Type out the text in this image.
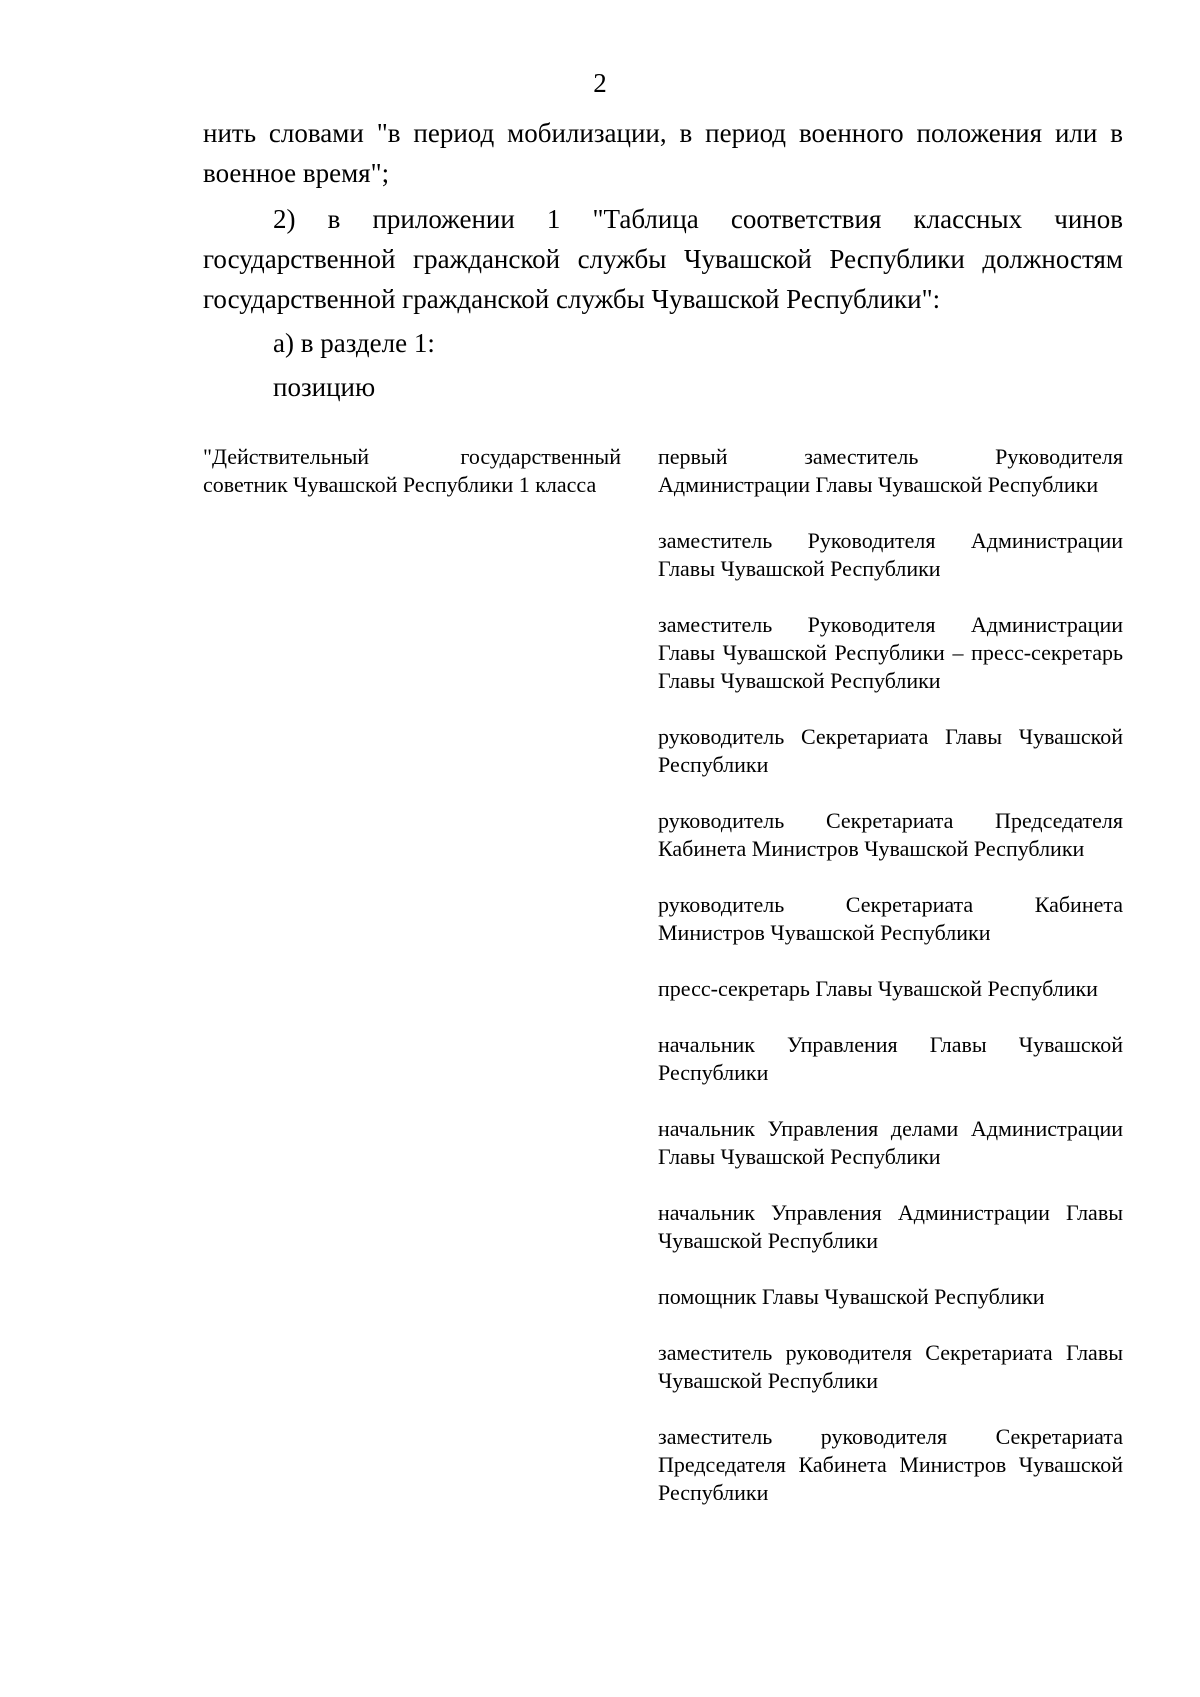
2

нить словами "в период мобилизации, в период военного положения или в военное время";

2) в приложении 1 "Таблица соответствия классных чинов государственной гражданской службы Чувашской Республики должностям государственной гражданской службы Чувашской Республики":

а) в разделе 1:

позицию

"Действительный государственный советник Чувашской Республики 1 класса

первый заместитель Руководителя Администрации Главы Чувашской Республики

заместитель Руководителя Администрации Главы Чувашской Республики

заместитель Руководителя Администрации Главы Чувашской Республики – пресс-секретарь Главы Чувашской Республики

руководитель Секретариата Главы Чувашской Республики

руководитель Секретариата Председателя Кабинета Министров Чувашской Республики

руководитель Секретариата Кабинета Министров Чувашской Республики

пресс-секретарь Главы Чувашской Республики

начальник Управления Главы Чувашской Республики

начальник Управления делами Администрации Главы Чувашской Республики

начальник Управления Администрации Главы Чувашской Республики

помощник Главы Чувашской Республики

заместитель руководителя Секретариата Главы Чувашской Республики

заместитель руководителя Секретариата Председателя Кабинета Министров Чувашской Республики
